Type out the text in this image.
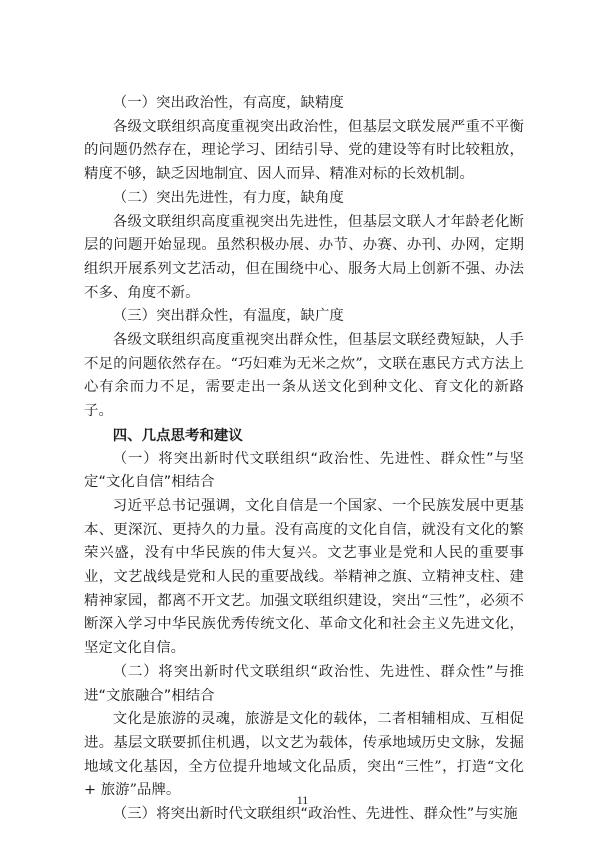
（一）突出政治性，有高度，缺精度

各级文联组织高度重视突出政治性，但基层文联发展严重不平衡的问题仍然存在，理论学习、团结引导、党的建设等有时比较粗放，精度不够，缺乏因地制宜、因人而异、精准对标的长效机制。

（二）突出先进性，有力度，缺角度

各级文联组织高度重视突出先进性，但基层文联人才年龄老化断层的问题开始显现。虽然积极办展、办节、办赛、办刊、办网，定期组织开展系列文艺活动，但在围绕中心、服务大局上创新不强、办法不多、角度不新。

（三）突出群众性，有温度，缺广度

各级文联组织高度重视突出群众性，但基层文联经费短缺，人手不足的问题依然存在。“巧妇难为无米之炊”，文联在惠民方式方法上心有余而力不足，需要走出一条从送文化到种文化、育文化的新路子。

四、几点思考和建议

（一）将突出新时代文联组织“政治性、先进性、群众性”与坚定“文化自信”相结合

习近平总书记强调，文化自信是一个国家、一个民族发展中更基本、更深沉、更持久的力量。没有高度的文化自信，就没有文化的繁荣兴盛，没有中华民族的伟大复兴。文艺事业是党和人民的重要事业，文艺战线是党和人民的重要战线。举精神之旗、立精神支柱、建精神家园，都离不开文艺。加强文联组织建设，突出“三性”，必须不断深入学习中华民族优秀传统文化、革命文化和社会主义先进文化，坚定文化自信。

（二）将突出新时代文联组织“政治性、先进性、群众性”与推进“文旅融合”相结合

文化是旅游的灵魂，旅游是文化的载体，二者相辅相成、互相促进。基层文联要抓住机遇，以文艺为载体，传承地域历史文脉，发掘地域文化基因，全方位提升地域文化品质，突出“三性”，打造“文化 + 旅游”品牌。

（三）将突出新时代文联组织“政治性、先进性、群众性”与实施

11
